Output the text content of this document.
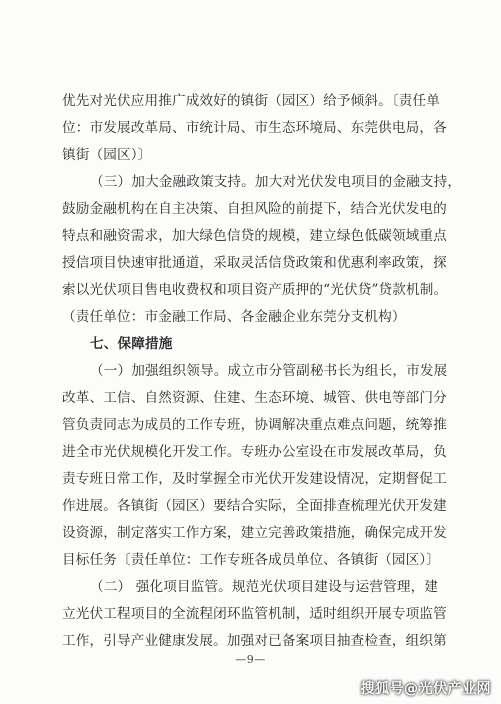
优先对光伏应用推广成效好的镇街（园区）给予倾斜。〔责任单
位：市发展改革局、市统计局、市生态环境局、东莞供电局，各
镇街（园区）〕
（三）加大金融政策支持。加大对光伏发电项目的金融支持，
鼓励金融机构在自主决策、自担风险的前提下，结合光伏发电的
特点和融资需求，加大绿色信贷的规模，建立绿色低碳领域重点
授信项目快速审批通道，采取灵活信贷政策和优惠利率政策，探
索以光伏项目售电收费权和项目资产质押的“光伏贷”贷款机制。
（责任单位：市金融工作局、各金融企业东莞分支机构）
七、保障措施
（一）加强组织领导。成立市分管副秘书长为组长，市发展
改革、工信、自然资源、住建、生态环境、城管、供电等部门分
管负责同志为成员的工作专班，协调解决重点难点问题，统筹推
进全市光伏规模化开发工作。专班办公室设在市发展改革局，负
责专班日常工作，及时掌握全市光伏开发建设情况，定期督促工
作进展。各镇街（园区）要结合实际，全面排查梳理光伏开发建
设资源，制定落实工作方案，建立完善政策措施，确保完成开发
目标任务〔责任单位：工作专班各成员单位、各镇街（园区）〕
（二） 强化项目监管。规范光伏项目建设与运营管理，建
立光伏工程项目的全流程闭环监管机制，适时组织开展专项监管
工作，引导产业健康发展。加强对已备案项目抽查检查，组织第
—9—
搜狐号@光伏产业网
